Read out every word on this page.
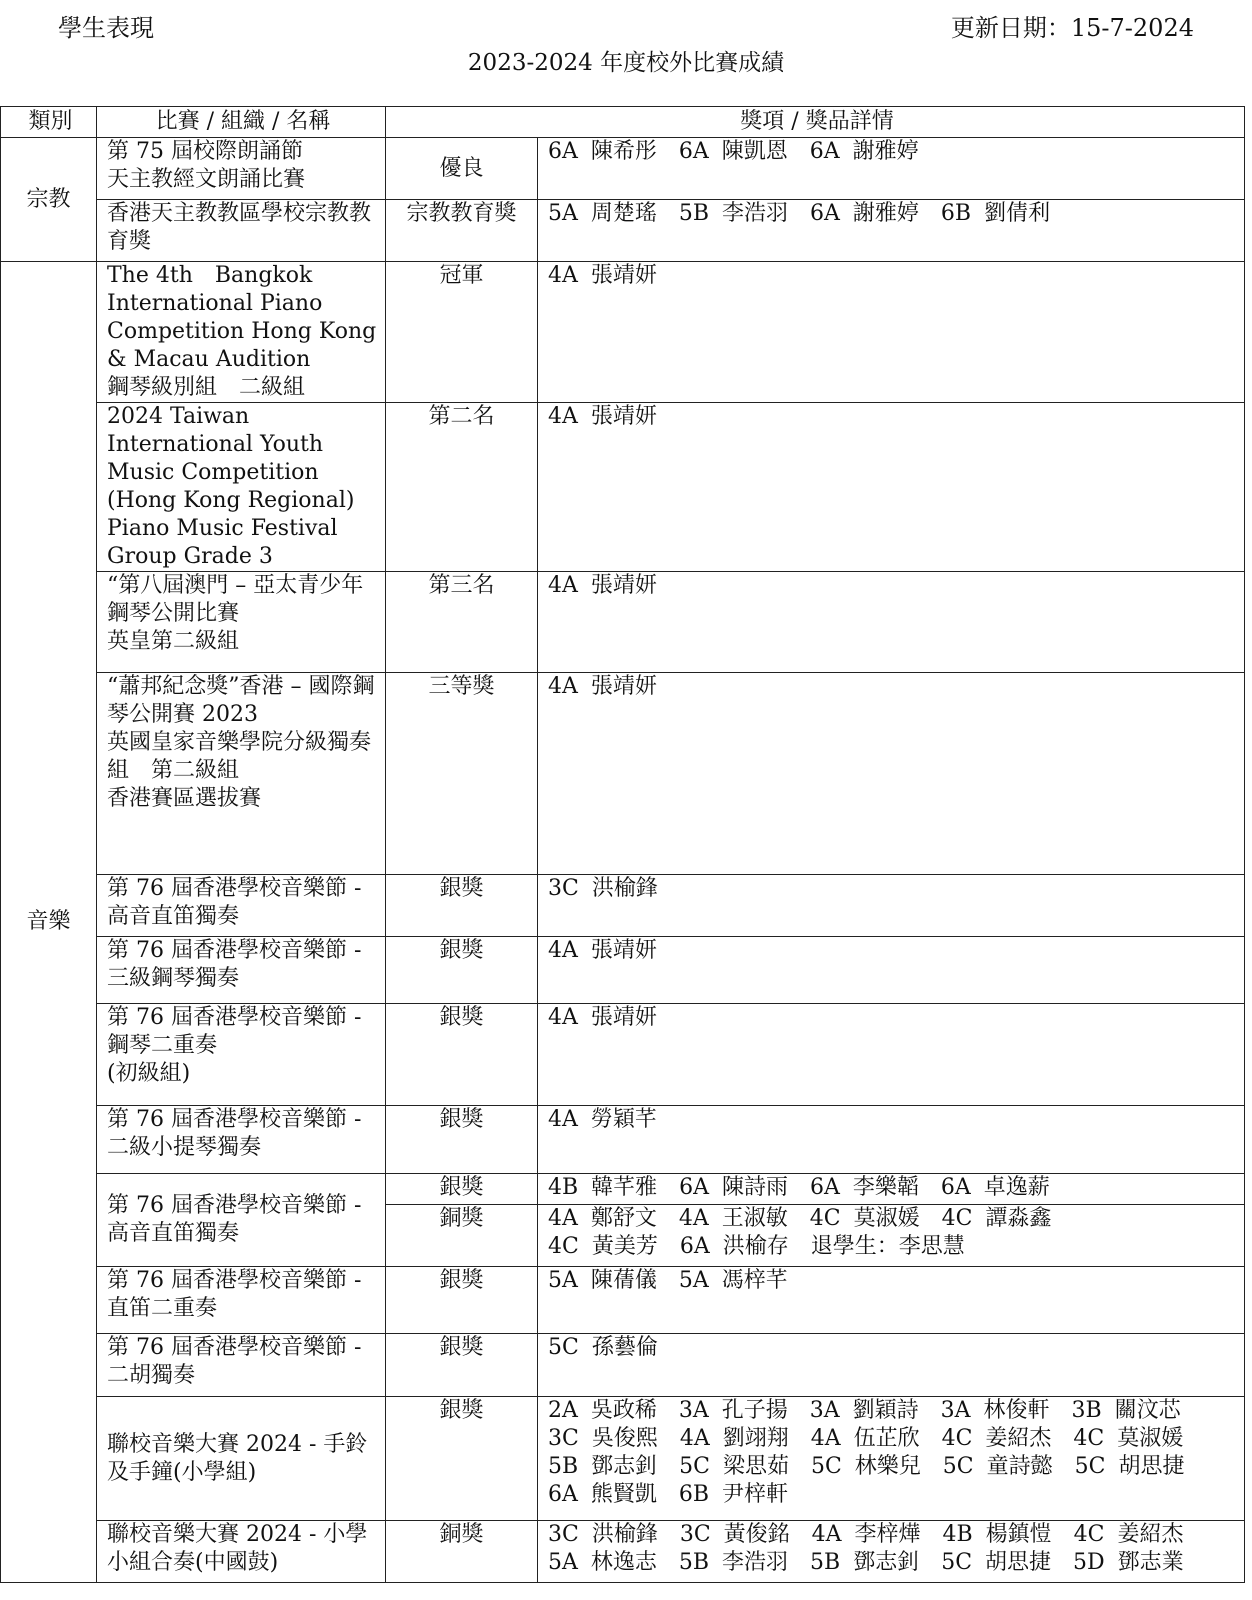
學生表現	更新日期：15-7-2024
2023-2024 年度校外比賽成績
類別	比賽 / 組織 / 名稱	獎項 / 獎品詳情	
宗教	第 75 屆校際朗誦節
天主教經文朗誦比賽	優良	6A 陳希彤　6A 陳凱恩　6A 謝雅婷

	香港天主教教區學校宗教教育獎	宗教教育獎	5A 周楚瑤　5B 李浩羽　6A 謝雅婷　6B 劉倩利

音樂	The 4th　Bangkok International Piano Competition Hong Kong & Macau Audition
鋼琴級別組　二級組	冠軍	4A 張靖妍

	2024 Taiwan International Youth Music Competition (Hong Kong Regional) Piano Music Festival Group Grade 3	第二名	4A 張靖妍

	“第八屆澳門 – 亞太青少年鋼琴公開比賽
英皇第二級組	第三名	4A 張靖妍

	“蕭邦紀念獎”香港 – 國際鋼琴公開賽 2023
英國皇家音樂學院分級獨奏組　第二級組
香港賽區選拔賽	三等獎	4A 張靖妍

	第 76 屆香港學校音樂節 - 高音直笛獨奏	銀獎	3C 洪榆鋒

	第 76 屆香港學校音樂節 - 三級鋼琴獨奏	銀獎	4A 張靖妍

	第 76 屆香港學校音樂節 - 鋼琴二重奏
(初級組)	銀獎	4A 張靖妍

	第 76 屆香港學校音樂節 - 二級小提琴獨奏	銀獎	4A 勞穎芊

	第 76 屆香港學校音樂節 - 高音直笛獨奏	銀獎	4B 韓芊雅　6A 陳詩雨　6A 李樂韜　6A 卓逸薪

		銅獎	4A 鄭舒文　4A 王淑敏　4C 莫淑媛　4C 譚淼鑫
4C 黃美芳　6A 洪榆存　退學生：李思慧

	第 76 屆香港學校音樂節 - 直笛二重奏	銀獎	5A 陳蒨儀　5A 馮梓芊

	第 76 屆香港學校音樂節 - 二胡獨奏	銀獎	5C 孫藝倫

	聯校音樂大賽 2024 - 手鈴及手鐘(小學組)	銀獎	2A 吳政稀　3A 孔子揚　3A 劉穎詩　3A 林俊軒　3B 關汶芯
3C 吳俊熙　4A 劉翊翔　4A 伍芷欣　4C 姜紹杰　4C 莫淑媛
5B 鄧志釗　5C 梁思茹　5C 林樂兒　5C 童詩懿　5C 胡思捷
6A 熊賢凱　6B 尹梓軒

	聯校音樂大賽 2024 - 小學小組合奏(中國鼓)	銅獎	3C 洪榆鋒　3C 黃俊銘　4A 李梓燁　4B 楊鎮愷　4C 姜紹杰
5A 林逸志　5B 李浩羽　5B 鄧志釗　5C 胡思捷　5D 鄧志業
